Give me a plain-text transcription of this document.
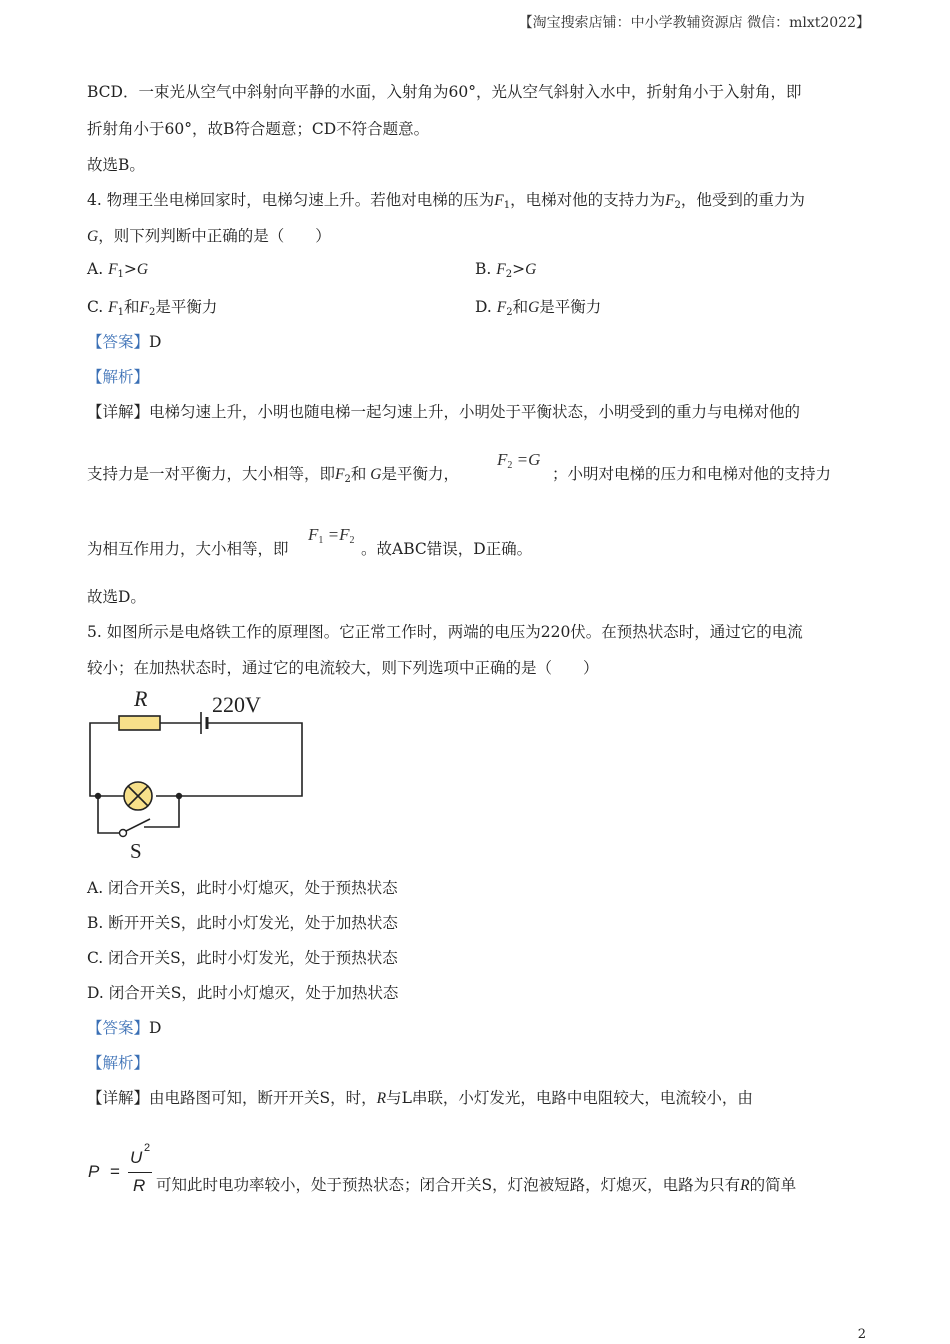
【淘宝搜索店铺：中小学教辅资源店 微信：mlxt2022】
BCD．一束光从空气中斜射向平静的水面，入射角为60°，光从空气斜射入水中，折射角小于入射角，即
折射角小于60°，故B符合题意；CD不符合题意。
故选B。
4. 物理王坐电梯回家时，电梯匀速上升。若他对电梯的压为$F_1$，电梯对他的支持力为$F_2$，他受到的重力为
G，则下列判断中正确的是（　　）
A. $F_1>G$	B. $F_2>G$
C. $F_1$和$F_2$是平衡力	D. $F_2$和G是平衡力
【答案】D
【解析】
【详解】电梯匀速上升，小明也随电梯一起匀速上升，小明处于平衡状态，小明受到的重力与电梯对他的
支持力是一对平衡力，大小相等，即$F_2$和 G是平衡力，
$F_2 =G$
；小明对电梯的压力和电梯对他的支持力
为相互作用力，大小相等，即
$F_1 =F_2$ 。故ABC错误，D正确。
故选D。
5. 如图所示是电烙铁工作的原理图。它正常工作时，两端的电压为220伏。在预热状态时，通过它的电流
较小；在加热状态时，通过它的电流较大，则下列选项中正确的是（　　）
R	220V
S
A. 闭合开关S，此时小灯熄灭，处于预热状态
B. 断开开关S，此时小灯发光，处于加热状态
C. 闭合开关S，此时小灯发光，处于预热状态
D. 闭合开关S，此时小灯熄灭，处于加热状态
【答案】D
【解析】
【详解】由电路图可知，断开开关S，时，R与L串联，小灯发光，电路中电阻较大，电流较小，由
P =
U 2
R 可知此时电功率较小，处于预热状态；闭合开关S，灯泡被短路，灯熄灭，电路为只有R的简单
2
